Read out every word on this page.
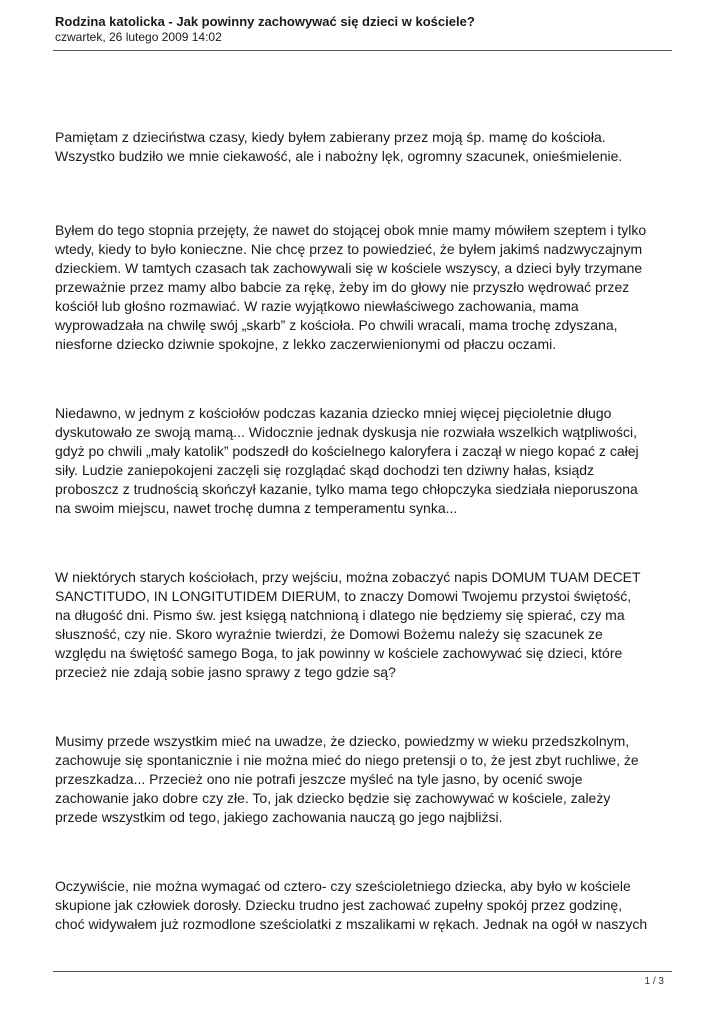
Rodzina katolicka - Jak powinny zachowywać się dzieci w kościele?

czwartek, 26 lutego 2009 14:02

Pamiętam z dzieciństwa czasy, kiedy byłem zabierany przez moją śp. mamę do kościoła.
Wszystko budziło we mnie ciekawość, ale i nabożny lęk, ogromny szacunek, onieśmielenie.

Byłem do tego stopnia przejęty, że nawet do stojącej obok mnie mamy mówiłem szeptem i tylko
wtedy, kiedy to było konieczne. Nie chcę przez to powiedzieć, że byłem jakimś nadzwyczajnym
dzieckiem. W tamtych czasach tak zachowywali się w kościele wszyscy, a dzieci były trzymane
przeważnie przez mamy albo babcie za rękę, żeby im do głowy nie przyszło wędrować przez
kościół lub głośno rozmawiać. W razie wyjątkowo niewłaściwego zachowania, mama
wyprowadzała na chwilę swój „skarb” z kościoła. Po chwili wracali, mama trochę zdyszana,
niesforne dziecko dziwnie spokojne, z lekko zaczerwienionymi od płaczu oczami.

Niedawno, w jednym z kościołów podczas kazania dziecko mniej więcej pięcioletnie długo
dyskutowało ze swoją mamą... Widocznie jednak dyskusja nie rozwiała wszelkich wątpliwości,
gdyż po chwili „mały katolik” podszedł do kościelnego kaloryfera i zaczął w niego kopać z całej
siły. Ludzie zaniepokojeni zaczęli się rozglądać skąd dochodzi ten dziwny hałas, ksiądz
proboszcz z trudnością skończył kazanie, tylko mama tego chłopczyka siedziała nieporuszona
na swoim miejscu, nawet trochę dumna z temperamentu synka...

W niektórych starych kościołach, przy wejściu, można zobaczyć napis DOMUM TUAM DECET
SANCTITUDO, IN LONGITUTIDEM DIERUM, to znaczy Domowi Twojemu przystoi świętość,
na długość dni. Pismo św. jest księgą natchnioną i dlatego nie będziemy się spierać, czy ma
słuszność, czy nie. Skoro wyraźnie twierdzi, że Domowi Bożemu należy się szacunek ze
względu na świętość samego Boga, to jak powinny w kościele zachowywać się dzieci, które
przecież nie zdają sobie jasno sprawy z tego gdzie są?

Musimy przede wszystkim mieć na uwadze, że dziecko, powiedzmy w wieku przedszkolnym,
zachowuje się spontanicznie i nie można mieć do niego pretensji o to, że jest zbyt ruchliwe, że
przeszkadza... Przecież ono nie potrafi jeszcze myśleć na tyle jasno, by ocenić swoje
zachowanie jako dobre czy złe. To, jak dziecko będzie się zachowywać w kościele, zależy
przede wszystkim od tego, jakiego zachowania nauczą go jego najbliżsi.

Oczywiście, nie można wymagać od cztero- czy sześcioletniego dziecka, aby było w kościele
skupione jak człowiek dorosły. Dziecku trudno jest zachować zupełny spokój przez godzinę,
choć widywałem już rozmodlone sześciolatki z mszalikami w rękach. Jednak na ogół w naszych

1 / 3
